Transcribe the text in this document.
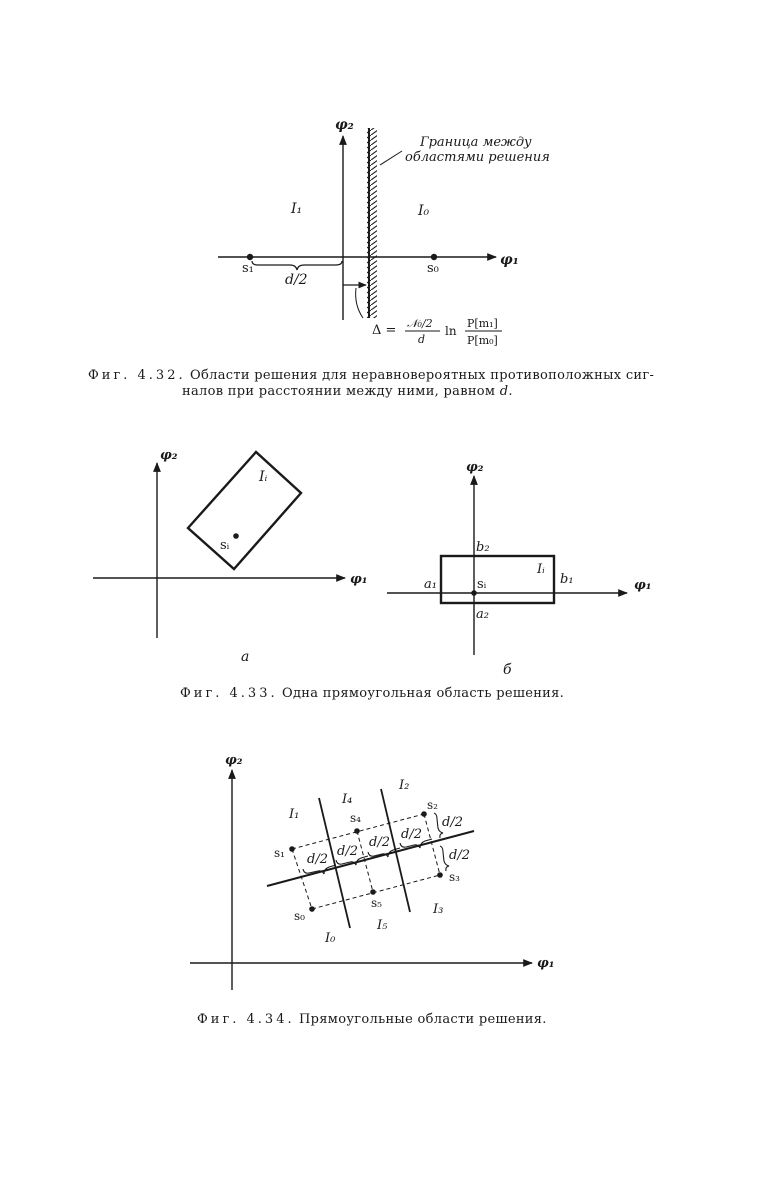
φ₂
φ₁
Граница между
областями решения
I₁	I₀
s₁	s₀
d/2
Δ = 𝒩₀/2
d
ln
P[m₁]
P[m₀]
φ₂
φ₁
Iᵢ
sᵢ
а
φ₂
φ₁
sᵢ
Iᵢ
a₁	b₁
b₂
a₂
б
φ₂
φ₁
d/2
d/2
d/2
d/2
d/2
d/2
s₁
s₄
s₂
s₀
s₅
s₃
I₁
I₄
I₂
I₀
I₅
I₃
Фиг. 4.32. Области решения для неравновероятных противоположных сиг-
налов при расстоянии между ними, равном d.
Фиг. 4.33. Одна прямоугольная область решения.
Фиг. 4.34. Прямоугольные области решения.
